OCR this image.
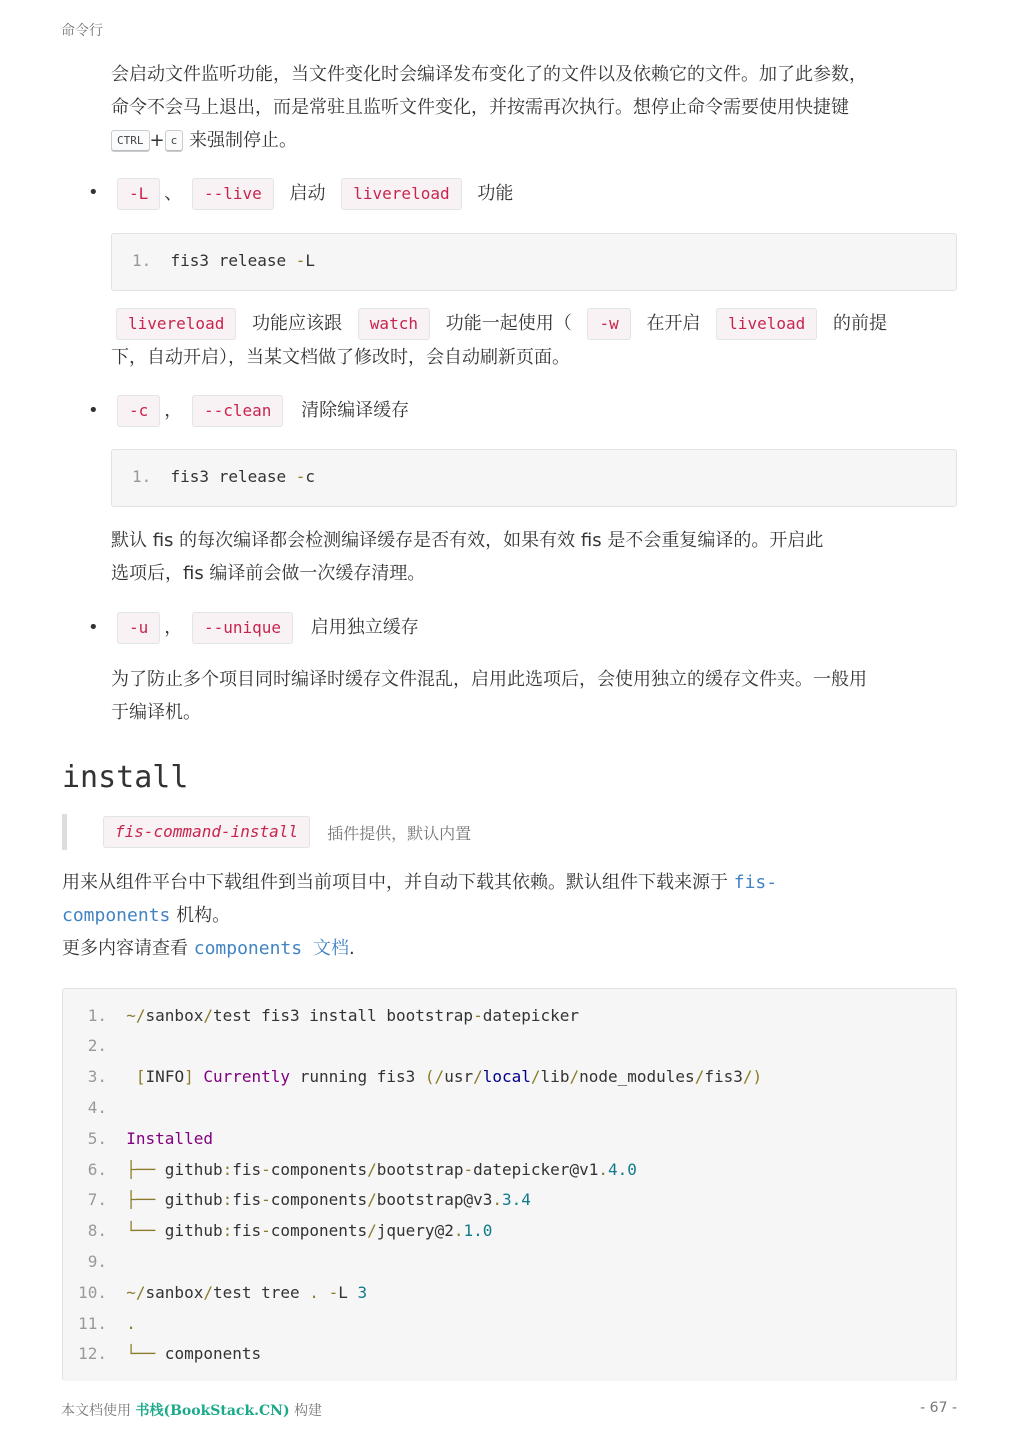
命令行
会启动文件监听功能，当文件变化时会编译发布变化了的文件以及依赖它的文件。加了此参数，
命令不会马上退出，而是常驻且监听文件变化，并按需再次执行。想停止命令需要使用快捷键
CTRL + c 来强制停止。
•	-L 、 --live 启动 livereload 功能
1. fis3 release -L
livereload 功能应该跟 watch 功能一起使用（ -w 在开启 liveload 的前提
下，自动开启），当某文档做了修改时，会自动刷新页面。
•	-c ， --clean 清除编译缓存
1. fis3 release -c
默认 fis 的每次编译都会检测编译缓存是否有效，如果有效 fis 是不会重复编译的。开启此
选项后，fis 编译前会做一次缓存清理。
•	-u ， --unique 启用独立缓存
为了防止多个项目同时编译时缓存文件混乱，启用此选项后，会使用独立的缓存文件夹。一般用
于编译机。
install
fis-command-install 插件提供，默认内置
用来从组件平台中下载组件到当前项目中，并自动下载其依赖。默认组件下载来源于 fis-
components 机构。
更多内容请查看 components 文档.
1. ~/sanbox/test fis3 install bootstrap-datepicker
2.
3. [INFO] Currently running fis3 (/usr/local/lib/node_modules/fis3/)
4.
5. Installed
6. ├── github:fis-components/bootstrap-datepicker@v1.4.0
7. ├── github:fis-components/bootstrap@v3.3.4
8. └── github:fis-components/jquery@2.1.0
9.
10. ~/sanbox/test tree . -L 3
11. .
12. └── components
本文档使用 书栈(BookStack.CN) 构建	- 67 -
